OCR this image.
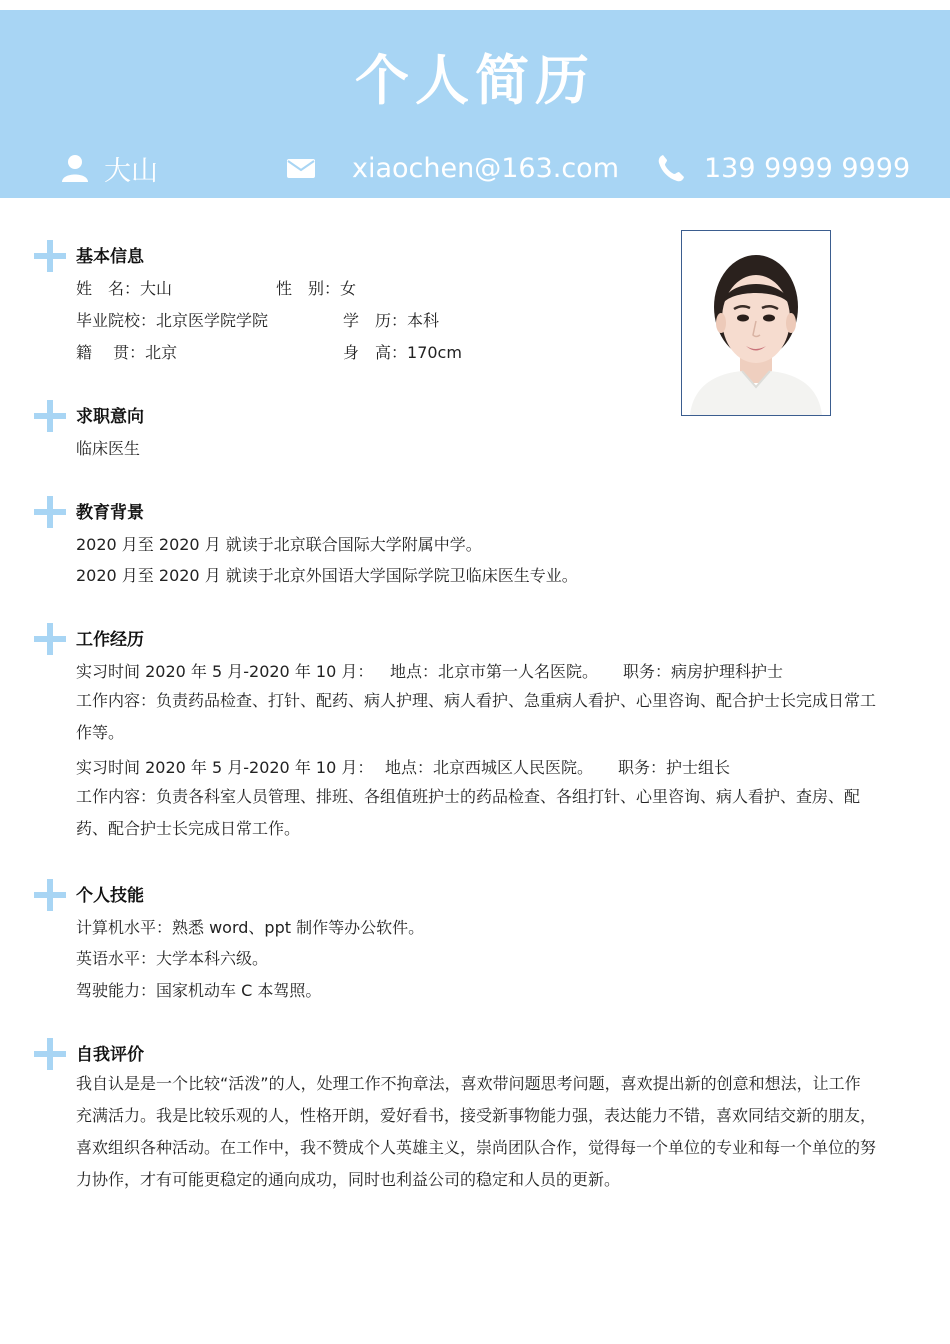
个人简历
大山	xiaochen@163.com	139 9999 9999
基本信息
姓　名：大山	性　别：女
毕业院校：北京医学院学院	学　历：本科
籍　 贯：北京	身　高：170cm
求职意向
临床医生
教育背景
2020 月至 2020 月 就读于北京联合国际大学附属中学。
2020 月至 2020 月 就读于北京外国语大学国际学院卫临床医生专业。
工作经历
实习时间 2020 年 5 月-2020 年 10 月： 地点：北京市第一人名医院。 职务：病房护理科护士
工作内容：负责药品检查、打针、配药、病人护理、病人看护、急重病人看护、心里咨询、配合护士长完成日常工作等。
实习时间 2020 年 5 月-2020 年 10 月： 地点：北京西城区人民医院。 职务：护士组长
工作内容：负责各科室人员管理、排班、各组值班护士的药品检查、各组打针、心里咨询、病人看护、查房、配药、配合护士长完成日常工作。
个人技能
计算机水平：熟悉 word、ppt 制作等办公软件。
英语水平：大学本科六级。
驾驶能力：国家机动车 C 本驾照。
自我评价
我自认是是一个比较“活泼”的人，处理工作不拘章法，喜欢带问题思考问题，喜欢提出新的创意和想法，让工作充满活力。我是比较乐观的人，性格开朗，爱好看书，接受新事物能力强，表达能力不错，喜欢同结交新的朋友，喜欢组织各种活动。在工作中，我不赞成个人英雄主义，崇尚团队合作，觉得每一个单位的专业和每一个单位的努力协作，才有可能更稳定的通向成功，同时也利益公司的稳定和人员的更新。
